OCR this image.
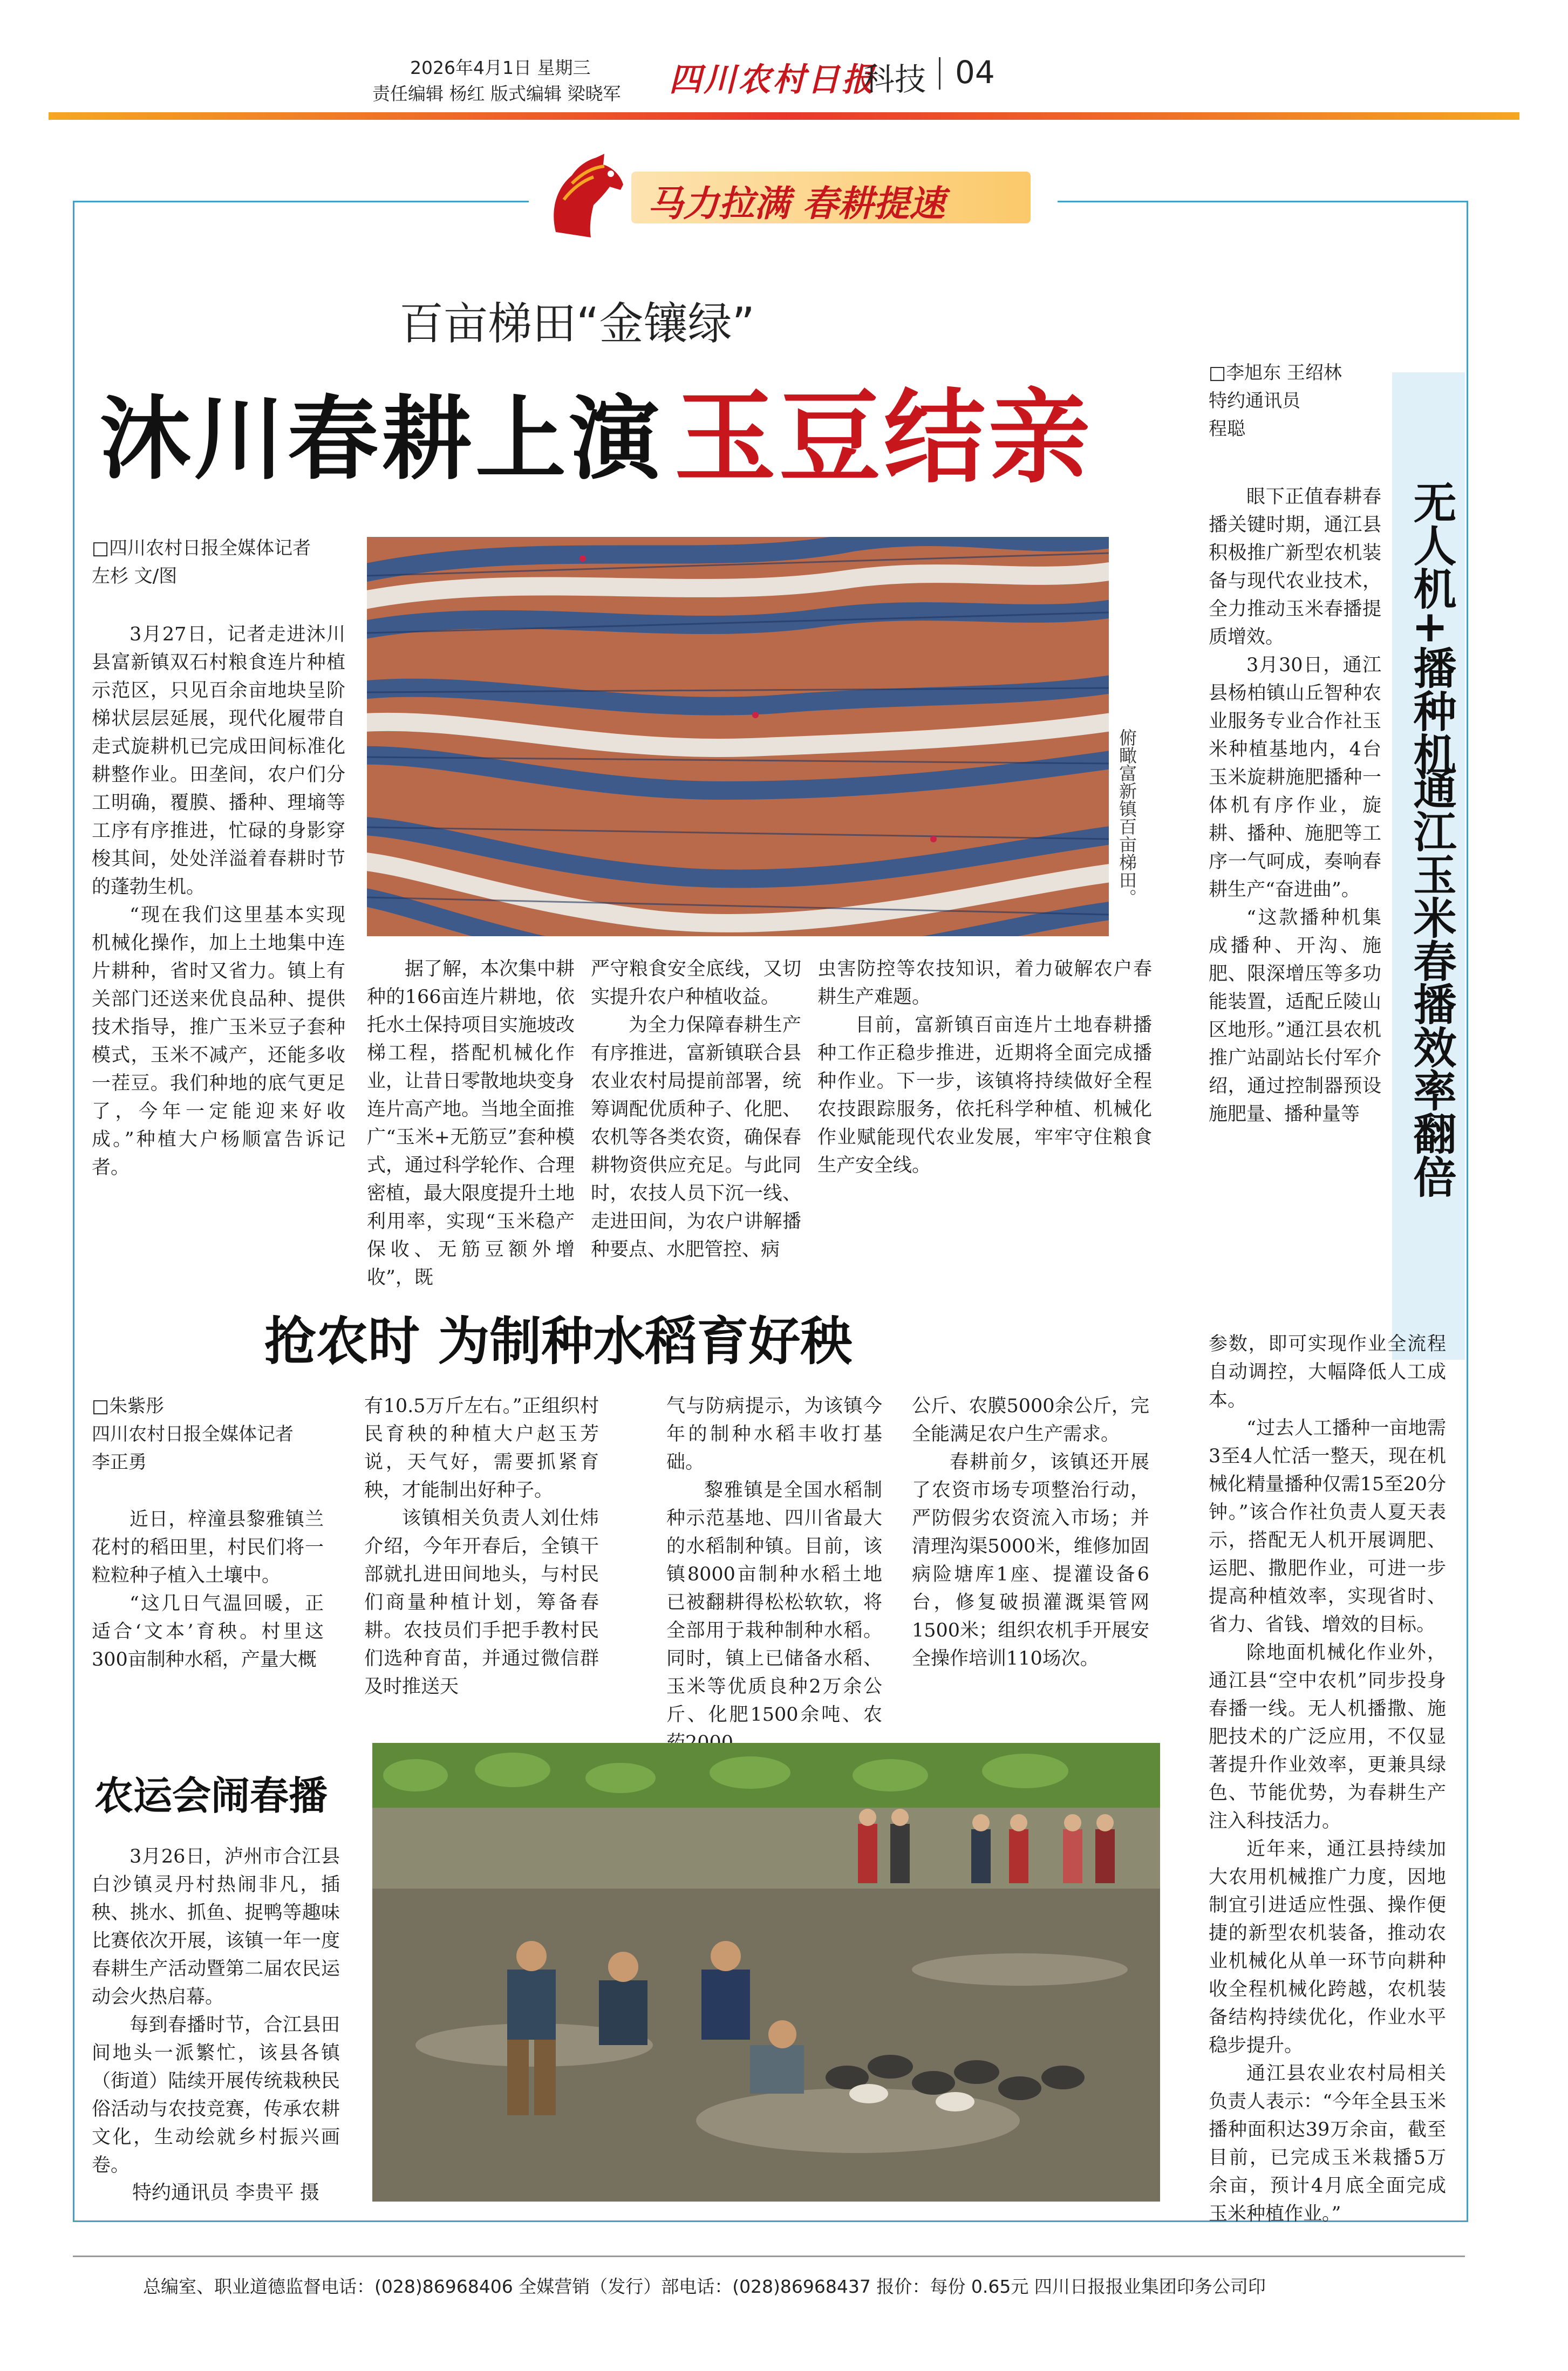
2026年4月1日 星期三
责任编辑 杨红 版式编辑 梁晓军 四川农村日报
科技 04
马力拉满 春耕提速
百亩梯田“金镶绿”
沐川春耕上演 玉豆结亲
□四川农村日报全媒体记者
左杉 文/图
俯瞰富新镇百亩梯田。

3月27日，记者走进沐川县富新镇双石村粮食连片种植示范区，只见百余亩地块呈阶梯状层层延展，现代化履带自走式旋耕机已完成田间标准化耕整作业。田垄间，农户们分工明确，覆膜、播种、理墒等工序有序推进，忙碌的身影穿梭其间，处处洋溢着春耕时节的蓬勃生机。

“现在我们这里基本实现机械化操作，加上土地集中连片耕种，省时又省力。镇上有关部门还送来优良品种、提供技术指导，推广玉米豆子套种模式，玉米不减产，还能多收一茬豆。我们种地的底气更足了，今年一定能迎来好收成。”种植大户杨顺富告诉记者。

据了解，本次集中耕种的166亩连片耕地，依托水土保持项目实施坡改梯工程，搭配机械化作业，让昔日零散地块变身连片高产地。当地全面推广“玉米+无筋豆”套种模式，通过科学轮作、合理密植，最大限度提升土地利用率，实现“玉米稳产保收、无筋豆额外增收”，既

严守粮食安全底线，又切实提升农户种植收益。

为全力保障春耕生产有序推进，富新镇联合县农业农村局提前部署，统筹调配优质种子、化肥、农机等各类农资，确保春耕物资供应充足。与此同时，农技人员下沉一线、走进田间，为农户讲解播种要点、水肥管控、病

虫害防控等农技知识，着力破解农户春耕生产难题。

目前，富新镇百亩连片土地春耕播种工作正稳步推进，近期将全面完成播种作业。下一步，该镇将持续做好全程农技跟踪服务，依托科学种植、机械化作业赋能现代农业发展，牢牢守住粮食生产安全线。

□李旭东 王绍林
特约通讯员
程聪
无人机+播种机
通江玉米春播效率翻倍

眼下正值春耕春播关键时期，通江县积极推广新型农机装备与现代农业技术，全力推动玉米春播提质增效。

3月30日，通江县杨柏镇山丘智种农业服务专业合作社玉米种植基地内，4台玉米旋耕施肥播种一体机有序作业，旋耕、播种、施肥等工序一气呵成，奏响春耕生产“奋进曲”。

“这款播种机集成播种、开沟、施肥、限深增压等多功能装置，适配丘陵山区地形。”通江县农机推广站副站长付军介绍，通过控制器预设施肥量、播种量等

参数，即可实现作业全流程自动调控，大幅降低人工成本。

“过去人工播种一亩地需3至4人忙活一整天，现在机械化精量播种仅需15至20分钟。”该合作社负责人夏天表示，搭配无人机开展调肥、运肥、撒肥作业，可进一步提高种植效率，实现省时、省力、省钱、增效的目标。

除地面机械化作业外，通江县“空中农机”同步投身春播一线。无人机播撒、施肥技术的广泛应用，不仅显著提升作业效率，更兼具绿色、节能优势，为春耕生产注入科技活力。

近年来，通江县持续加大农用机械推广力度，因地制宜引进适应性强、操作便捷的新型农机装备，推动农业机械化从单一环节向耕种收全程机械化跨越，农机装备结构持续优化，作业水平稳步提升。

通江县农业农村局相关负责人表示：“今年全县玉米播种面积达39万余亩，截至目前，已完成玉米栽播5万余亩，预计4月底全面完成玉米种植作业。”

抢农时 为制种水稻育好秧
□朱紫彤
四川农村日报全媒体记者
李正勇

近日，梓潼县黎雅镇兰花村的稻田里，村民们将一粒粒种子植入土壤中。

“这几日气温回暖，正适合‘文本’育秧。村里这300亩制种水稻，产量大概

有10.5万斤左右。”正组织村民育秧的种植大户赵玉芳说，天气好，需要抓紧育秧，才能制出好种子。

该镇相关负责人刘仕炜介绍，今年开春后，全镇干部就扎进田间地头，与村民们商量种植计划，筹备春耕。农技员们手把手教村民们选种育苗，并通过微信群及时推送天

气与防病提示，为该镇今年的制种水稻丰收打基础。

黎雅镇是全国水稻制种示范基地、四川省最大的水稻制种镇。目前，该镇8000亩制种水稻土地已被翻耕得松松软软，将全部用于栽种制种水稻。同时，镇上已储备水稻、玉米等优质良种2万余公斤、化肥1500余吨、农

公斤、农膜5000余公斤，完全能满足农户生产需求。

春耕前夕，该镇还开展了农资市场专项整治行动，严防假劣农资流入市场；并清理沟渠5000米，维修加固病险塘库1座、提灌设备6台，修复破损灌溉渠管网1500米；组织农机手开展安全操作培训110场次。

农运会闹春播

3月26日，泸州市合江县白沙镇灵丹村热闹非凡，插秧、挑水、抓鱼、捉鸭等趣味比赛依次开展，该镇一年一度春耕生产活动暨第二届农民运动会火热启幕。

每到春播时节，合江县田间地头一派繁忙，该县各镇（街道）陆续开展传统栽秧民俗活动与农技竞赛，传承农耕文化，生动绘就乡村振兴画卷。

特约通讯员 李贵平 摄
总编室、职业道德监督电话：(028)86968406 全媒营销（发行）部电话：(028)86968437 报价：每份 0.65元 四川日报报业集团印务公司印
